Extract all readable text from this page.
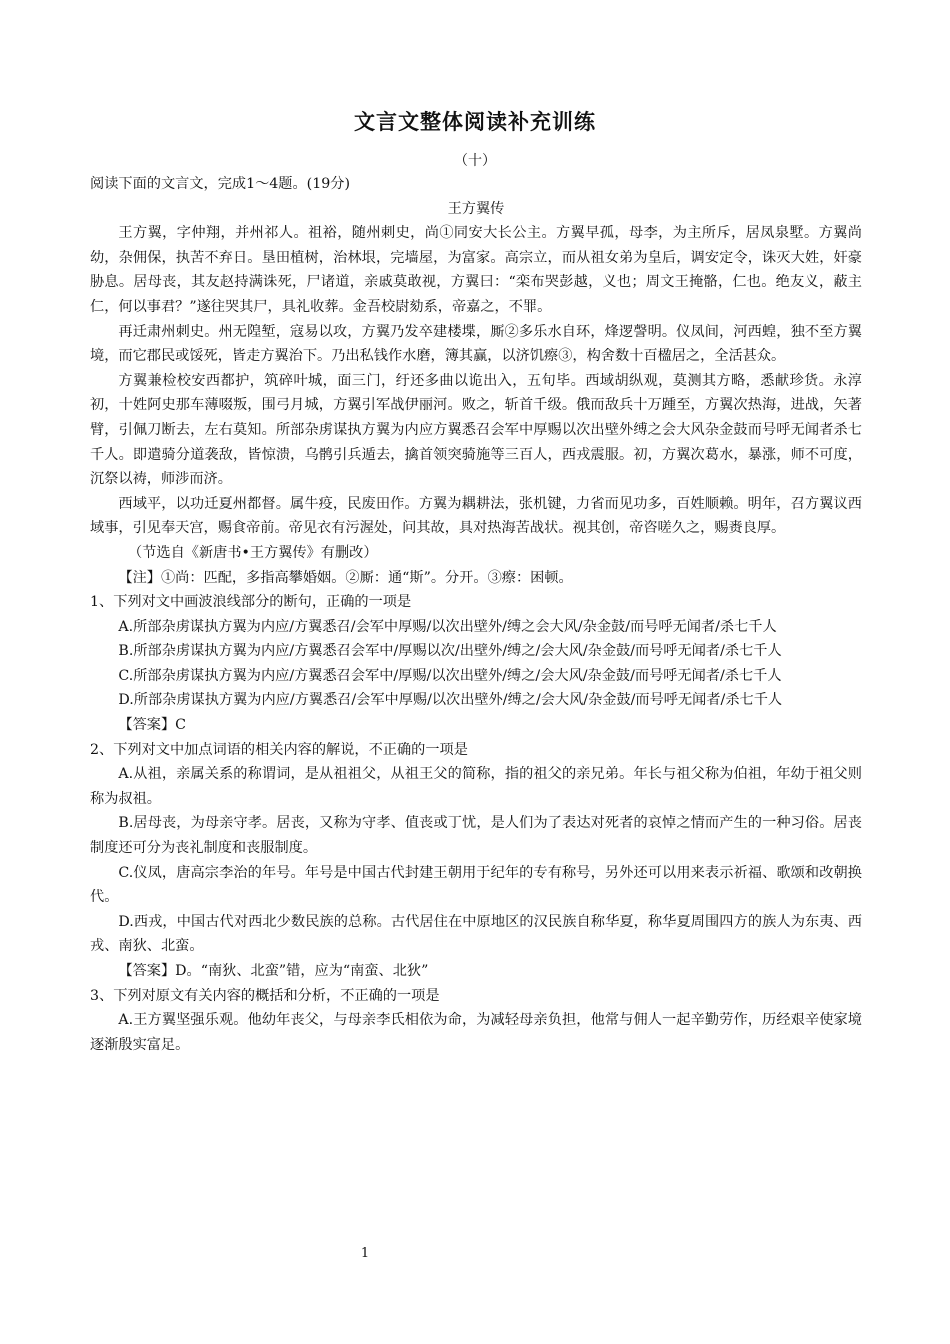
文言文整体阅读补充训练
（十）

阅读下面的文言文，完成1～4题。(19分)

王方翼传

王方翼，字仲翔，并州祁人。祖裕，随州刺史，尚①同安大长公主。方翼早孤，母李，为主所斥，居凤泉墅。方翼尚幼，杂佣保，执苦不弃日。垦田植树，治林垠，完墙屋，为富家。高宗立，而从祖女弟为皇后，调安定令，诛灭大姓，奸豪胁息。居母丧，其友赵持满诛死，尸诸道，亲戚莫敢视，方翼曰：“栾布哭彭越，义也；周文王掩骼，仁也。绝友义，蔽主仁，何以事君？”遂往哭其尸，具礼收葬。金吾校尉劾系，帝嘉之，不罪。

再迁肃州刺史。州无隍堑，寇易以攻，方翼乃发卒建楼堞，厮②多乐水自环，烽逻謦明。仪凤间，河西蝗，独不至方翼境，而它郡民或馁死，皆走方翼治下。乃出私钱作水磨，簿其赢，以济饥瘵③，构舍数十百楹居之，全活甚众。

方翼兼检校安西都护，筑碎叶城，面三门，纡还多曲以诡出入，五旬毕。西域胡纵观，莫测其方略，悉献珍货。永淳初，十姓阿史那车薄啜叛，围弓月城，方翼引军战伊丽河。败之，斩首千级。俄而敌兵十万踵至，方翼次热海，进战，矢著臂，引佩刀断去，左右莫知。所部杂虏谋执方翼为内应方翼悉召会军中厚赐以次出壁外缚之会大风杂金鼓而号呼无闻者杀七千人。即遣骑分道袭敌，皆惊溃，乌鹘引兵遁去，擒首领突骑施等三百人，西戎震服。初，方翼次葛水，暴涨，师不可度，沉祭以祷，师涉而济。

西域平，以功迁夏州都督。属牛疫，民废田作。方翼为耦耕法，张机键，力省而见功多，百姓顺赖。明年，召方翼议西域事，引见奉天宫，赐食帝前。帝见衣有污渥处，问其故，具对热海苦战状。视其创，帝咨嗟久之，赐赉良厚。

（节选自《新唐书•王方翼传》有删改）

【注】①尚：匹配，多指高攀婚姻。②厮：通“斯”。分开。③瘵：困顿。

1、下列对文中画波浪线部分的断句，正确的一项是

A.所部杂虏谋执方翼为内应/方翼悉召/会军中厚赐/以次出壁外/缚之会大风/杂金鼓/而号呼无闻者/杀七千人

B.所部杂虏谋执方翼为内应/方翼悉召会军中/厚赐以次/出壁外/缚之/会大风/杂金鼓/而号呼无闻者/杀七千人

C.所部杂虏谋执方翼为内应/方翼悉召会军中/厚赐/以次出壁外/缚之/会大风/杂金鼓/而号呼无闻者/杀七千人

D.所部杂虏谋执方翼为内应/方翼悉召/会军中厚赐/以次出壁外/缚之/会大风/杂金鼓/而号呼无闻者/杀七千人

【答案】C

2、下列对文中加点词语的相关内容的解说，不正确的一项是

A.从祖，亲属关系的称谓词，是从祖祖父，从祖王父的简称，指的祖父的亲兄弟。年长与祖父称为伯祖，年幼于祖父则称为叔祖。

B.居母丧，为母亲守孝。居丧，又称为守孝、值丧或丁忧，是人们为了表达对死者的哀悼之情而产生的一种习俗。居丧制度还可分为丧礼制度和丧服制度。

C.仪凤，唐高宗李治的年号。年号是中国古代封建王朝用于纪年的专有称号，另外还可以用来表示祈福、歌颂和改朝换代。

D.西戎，中国古代对西北少数民族的总称。古代居住在中原地区的汉民族自称华夏，称华夏周围四方的族人为东夷、西戎、南狄、北蛮。

【答案】D。“南狄、北蛮”错，应为“南蛮、北狄”

3、下列对原文有关内容的概括和分析，不正确的一项是

A.王方翼坚强乐观。他幼年丧父，与母亲李氏相依为命，为减轻母亲负担，他常与佣人一起辛勤劳作，历经艰辛使家境逐渐殷实富足。

1
